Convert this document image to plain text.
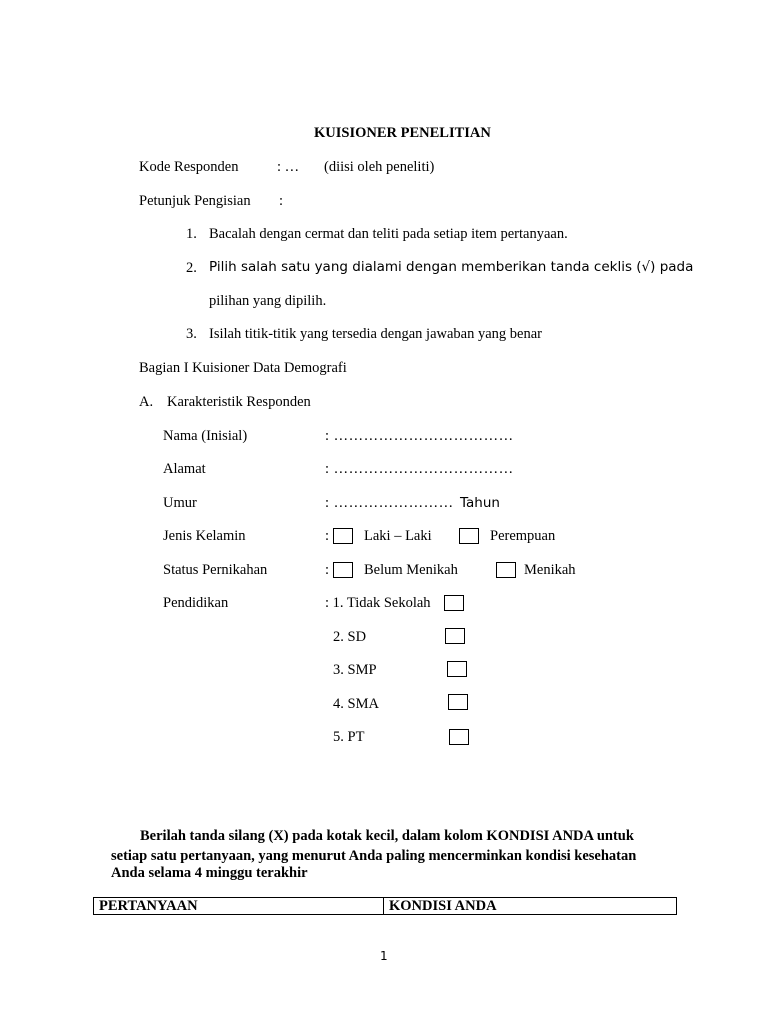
KUISIONER PENELITIAN
Kode Responden	: … (diisi oleh peneliti)
Petunjuk Pengisian :
1. Bacalah dengan cermat dan teliti pada setiap item pertanyaan.
2. Pilih salah satu yang dialami dengan memberikan tanda ceklis (√) pada
pilihan yang dipilih.
3. Isilah titik-titik yang tersedia dengan jawaban yang benar
Bagian I Kuisioner Data Demografi
A. Karakteristik Responden
Nama (Inisial)	: ………………………………
Alamat	: ………………………………
Umur	: …………………… Tahun
Jenis Kelamin	: Laki – Laki	Perempuan
Status Pernikahan	: Belum Menikah	Menikah
Pendidikan	: 1. Tidak Sekolah
2. SD
3. SMP
4. SMA
5. PT
Berilah tanda silang (X) pada kotak kecil, dalam kolom KONDISI ANDA untuk
setiap satu pertanyaan, yang menurut Anda paling mencerminkan kondisi kesehatan
Anda selama 4 minggu terakhir
PERTANYAAN	KONDISI ANDA
1
